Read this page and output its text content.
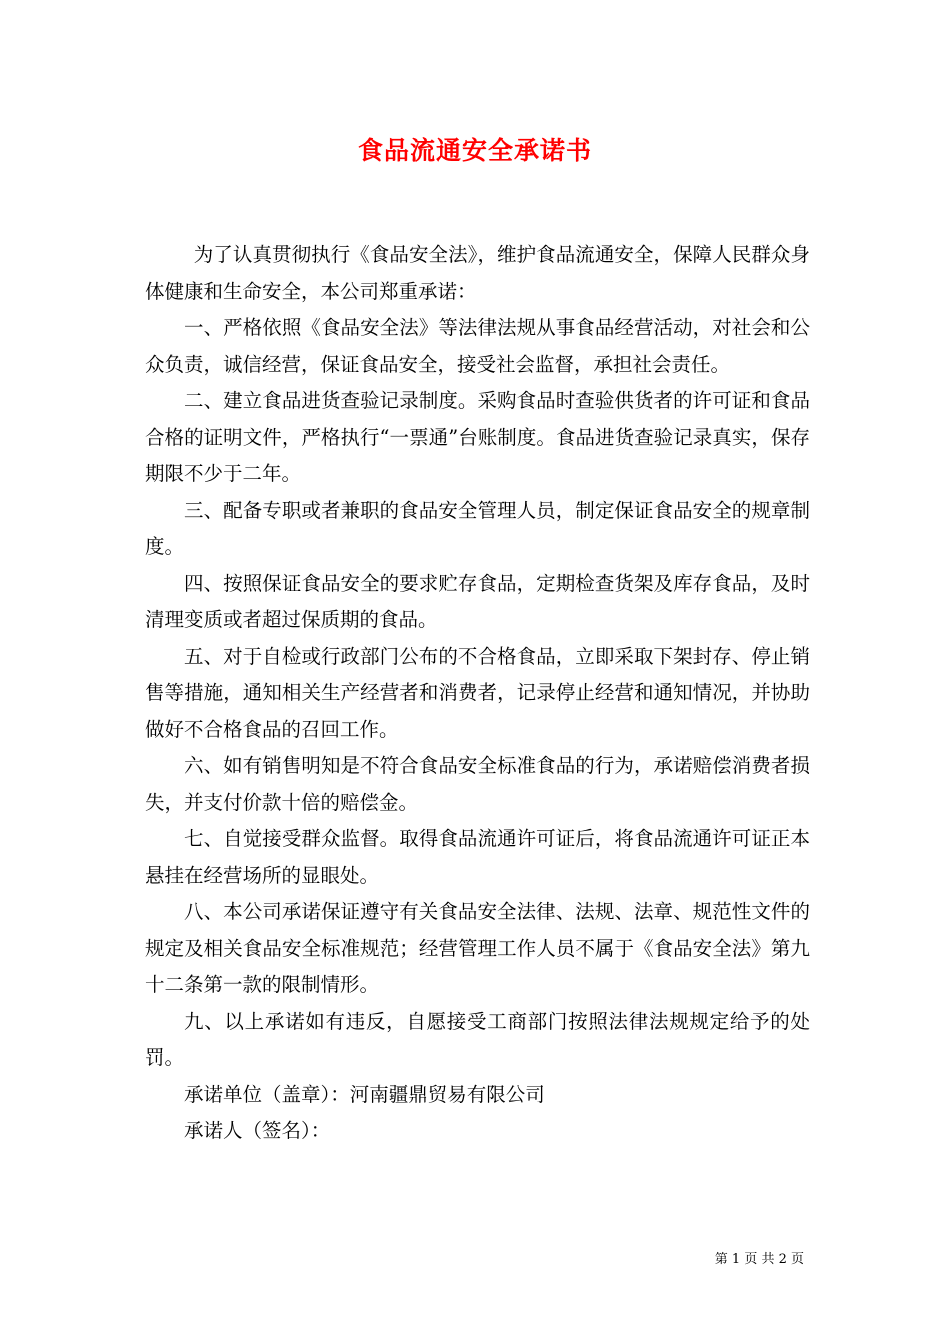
食品流通安全承诺书

为了认真贯彻执行《食品安全法》，维护食品流通安全，保障人民群众身体健康和生命安全，本公司郑重承诺：

一、严格依照《食品安全法》等法律法规从事食品经营活动，对社会和公众负责，诚信经营，保证食品安全，接受社会监督，承担社会责任。

二、建立食品进货查验记录制度。采购食品时查验供货者的许可证和食品合格的证明文件，严格执行“一票通”台账制度。食品进货查验记录真实，保存期限不少于二年。

三、配备专职或者兼职的食品安全管理人员，制定保证食品安全的规章制度。

四、按照保证食品安全的要求贮存食品，定期检查货架及库存食品，及时清理变质或者超过保质期的食品。

五、对于自检或行政部门公布的不合格食品，立即采取下架封存、停止销售等措施，通知相关生产经营者和消费者，记录停止经营和通知情况，并协助做好不合格食品的召回工作。

六、如有销售明知是不符合食品安全标准食品的行为，承诺赔偿消费者损失，并支付价款十倍的赔偿金。

七、自觉接受群众监督。取得食品流通许可证后，将食品流通许可证正本悬挂在经营场所的显眼处。

八、本公司承诺保证遵守有关食品安全法律、法规、法章、规范性文件的规定及相关食品安全标准规范；经营管理工作人员不属于《食品安全法》第九十二条第一款的限制情形。

九、以上承诺如有违反，自愿接受工商部门按照法律法规规定给予的处罚。

承诺单位（盖章）：河南疆鼎贸易有限公司

承诺人（签名）：

第 1 页 共 2 页
